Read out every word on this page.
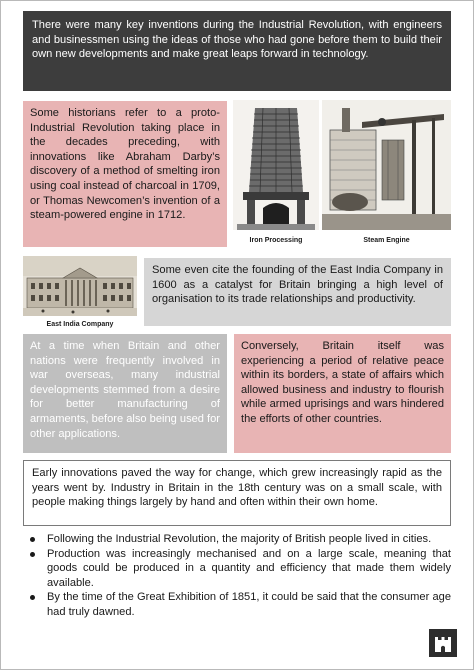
There were many key inventions during the Industrial Revolution, with engineers and businessmen using the ideas of those who had gone before them to build their own new developments and make great leaps forward in technology.
Some historians refer to a proto-Industrial Revolution taking place in the decades preceding, with innovations like Abraham Darby’s discovery of a method of smelting iron using coal instead of charcoal in 1709, or Thomas Newcomen’s invention of a steam-powered engine in 1712.
Iron Processing	Steam Engine
East India Company
Some even cite the founding of the East India Company in 1600 as a catalyst for Britain bringing a high level of organisation to its trade relationships and productivity.
At a time when Britain and other nations were frequently involved in war overseas, many industrial developments stemmed from a desire for better manufacturing of armaments, before also being used for other applications.
Conversely, Britain itself was experiencing a period of relative peace within its borders, a state of affairs which allowed business and industry to flourish while armed uprisings and wars hindered the efforts of other countries.
Early innovations paved the way for change, which grew increasingly rapid as the years went by. Industry in Britain in the 18th century was on a small scale, with people making things largely by hand and often within their own home.
Following the Industrial Revolution, the majority of British people lived in cities.
Production was increasingly mechanised and on a large scale, meaning that goods could be produced in a quantity and efficiency that made them widely available.
By the time of the Great Exhibition of 1851, it could be said that the consumer age had truly dawned.
